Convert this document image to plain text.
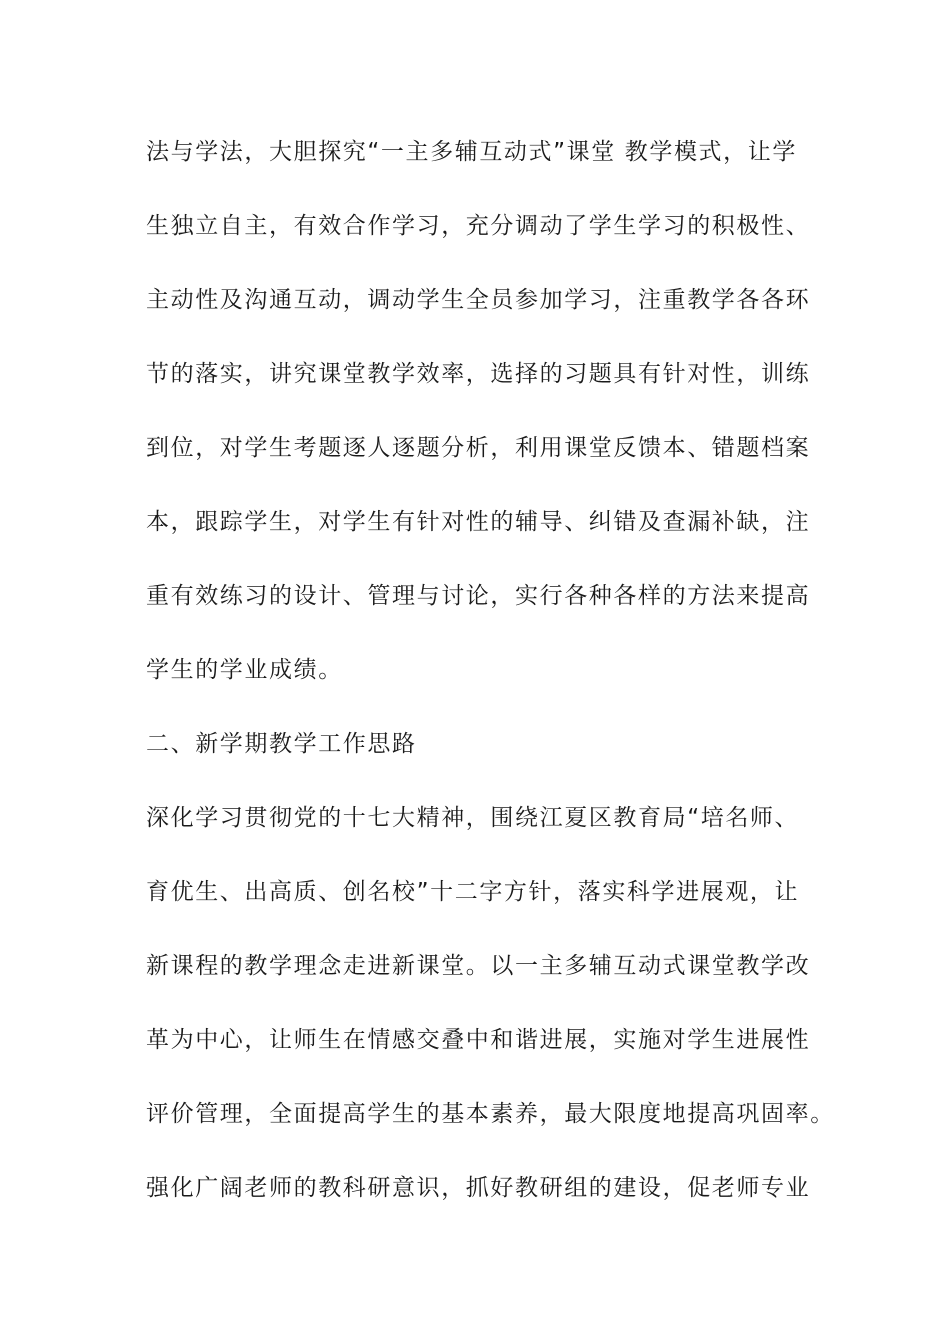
法与学法，大胆探究“一主多辅互动式”课堂 教学模式，让学
生独立自主，有效合作学习，充分调动了学生学习的积极性、
主动性及沟通互动，调动学生全员参加学习，注重教学各各环
节的落实，讲究课堂教学效率，选择的习题具有针对性，训练
到位，对学生考题逐人逐题分析，利用课堂反馈本、错题档案
本，跟踪学生，对学生有针对性的辅导、纠错及查漏补缺，注
重有效练习的设计、管理与讨论，实行各种各样的方法来提高
学生的学业成绩。
二、新学期教学工作思路
深化学习贯彻党的十七大精神，围绕江夏区教育局“培名师、
育优生、出高质、创名校”十二字方针，落实科学进展观，让
新课程的教学理念走进新课堂。以一主多辅互动式课堂教学改
革为中心，让师生在情感交叠中和谐进展，实施对学生进展性
评价管理，全面提高学生的基本素养，最大限度地提高巩固率。
强化广阔老师的教科研意识，抓好教研组的建设，促老师专业
